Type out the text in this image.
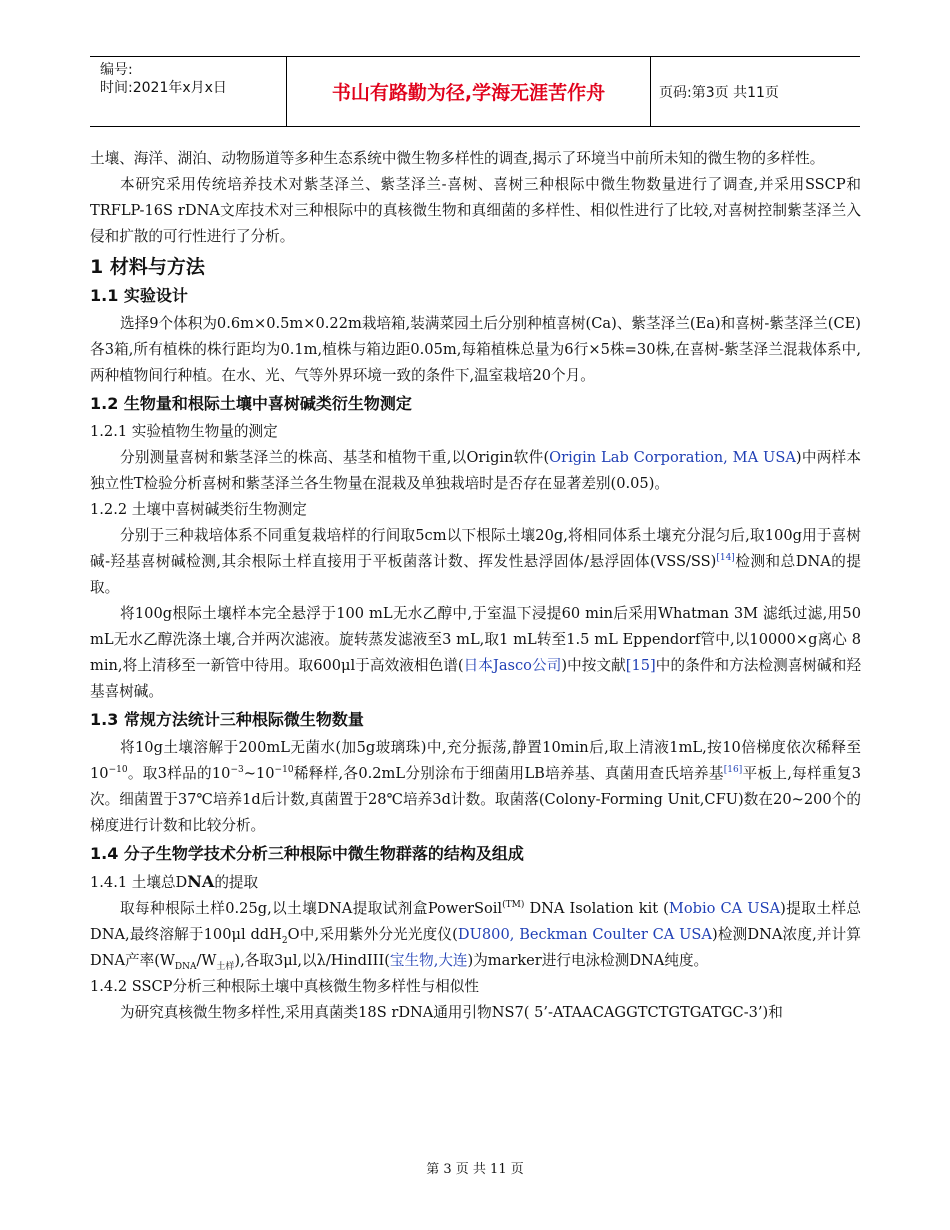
编号:
时间:2021年x月x日	书山有路勤为径,学海无涯苦作舟	页码:第3页 共11页

土壤、海洋、湖泊、动物肠道等多种生态系统中微生物多样性的调查,揭示了环境当中前所未知的微生物的多样性。

本研究采用传统培养技术对紫茎泽兰、紫茎泽兰-喜树、喜树三种根际中微生物数量进行了调查,并采用SSCP和TRFLP-16S rDNA文库技术对三种根际中的真核微生物和真细菌的多样性、相似性进行了比较,对喜树控制紫茎泽兰入侵和扩散的可行性进行了分析。

1 材料与方法
1.1 实验设计

选择9个体积为0.6m×0.5m×0.22m栽培箱,装满菜园土后分别种植喜树(Ca)、紫茎泽兰(Ea)和喜树-紫茎泽兰(CE)各3箱,所有植株的株行距均为0.1m,植株与箱边距0.05m,每箱植株总量为6行×5株=30株,在喜树-紫茎泽兰混栽体系中,两种植物间行种植。在水、光、气等外界环境一致的条件下,温室栽培20个月。

1.2 生物量和根际土壤中喜树碱类衍生物测定
1.2.1 实验植物生物量的测定

分别测量喜树和紫茎泽兰的株高、基茎和植物干重,以Origin软件(Origin Lab Corporation, MA USA)中两样本独立性T检验分析喜树和紫茎泽兰各生物量在混栽及单独栽培时是否存在显著差别(0.05)。

1.2.2 土壤中喜树碱类衍生物测定

分别于三种栽培体系不同重复栽培样的行间取5cm以下根际土壤20g,将相同体系土壤充分混匀后,取100g用于喜树碱-羟基喜树碱检测,其余根际土样直接用于平板菌落计数、挥发性悬浮固体/悬浮固体(VSS/SS)[14]检测和总DNA的提取。

将100g根际土壤样本完全悬浮于100 mL无水乙醇中,于室温下浸提60 min后采用Whatman 3M 滤纸过滤,用50 mL无水乙醇洗涤土壤,合并两次滤液。旋转蒸发滤液至3 mL,取1 mL转至1.5 mL Eppendorf管中,以10000×g离心 8 min,将上清移至一新管中待用。取600μl于高效液相色谱(日本Jasco公司)中按文献[15]中的条件和方法检测喜树碱和羟基喜树碱。

1.3 常规方法统计三种根际微生物数量

将10g土壤溶解于200mL无菌水(加5g玻璃珠)中,充分振荡,静置10min后,取上清液1mL,按10倍梯度依次稀释至$10^{-10}$。取3样品的$10^{-3}\sim 10^{-10}$稀释样,各0.2mL分别涂布于细菌用LB培养基、真菌用查氏培养基[16]平板上,每样重复3次。细菌置于37℃培养1d后计数,真菌置于28℃培养3d计数。取菌落(Colony-Forming Unit,CFU)数在20~200个的梯度进行计数和比较分析。

1.4 分子生物学技术分析三种根际中微生物群落的结构及组成
1.4.1 土壤总DNA的提取

取每种根际土样0.25g,以土壤DNA提取试剂盒PowerSoil$^{(TM)}$ DNA Isolation kit (Mobio CA USA)提取土样总DNA,最终溶解于100μl ddH$_2$O中,采用紫外分光光度仪(DU800, Beckman Coulter CA USA)检测DNA浓度,并计算DNA产率$(W_{DNA}/W_{土样})$,各取3μl,以λ/HindIII(宝生物,大连)为marker进行电泳检测DNA纯度。

1.4.2 SSCP分析三种根际土壤中真核微生物多样性与相似性

为研究真核微生物多样性,采用真菌类18S rDNA通用引物NS7( 5’-ATAACAGGTCTGTGATGC-3’)和

第 3 页 共 11 页
